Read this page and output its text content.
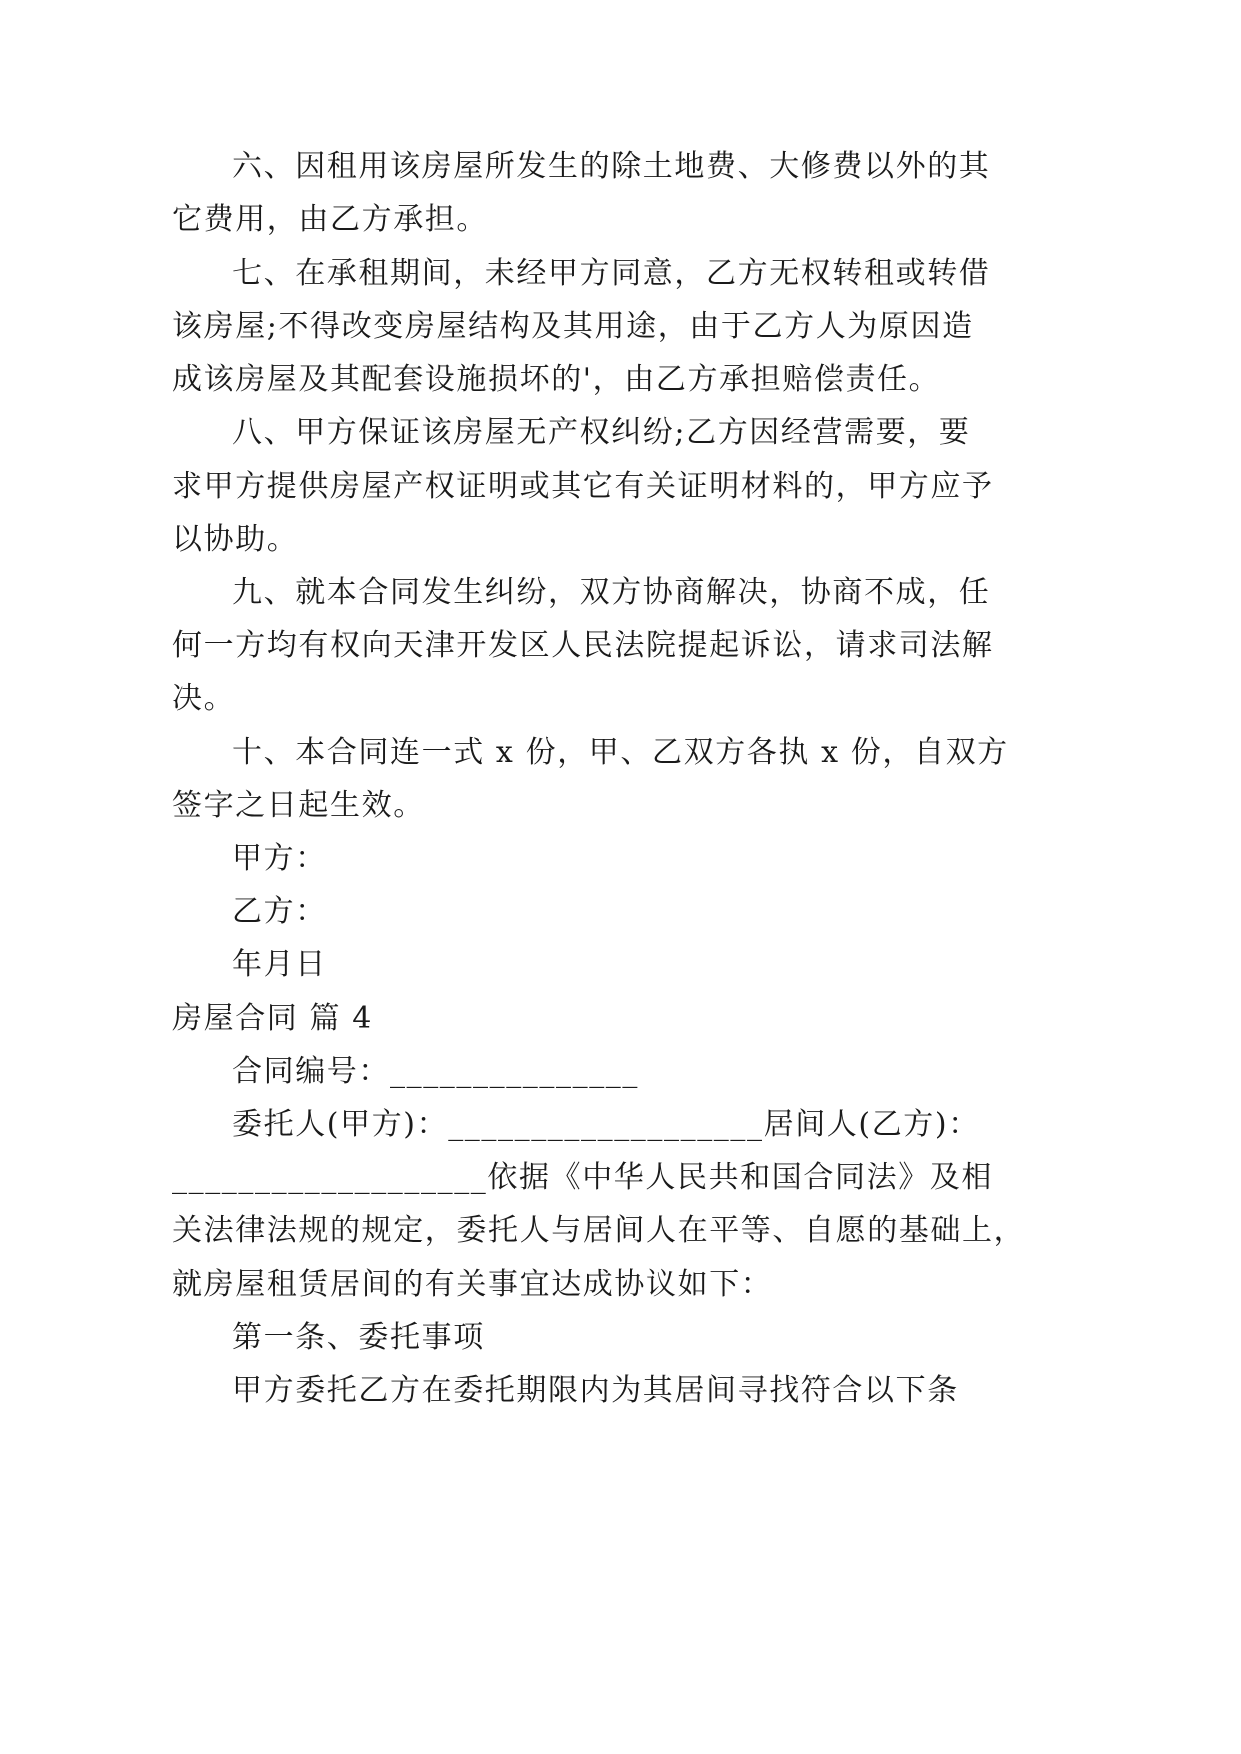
六、因租用该房屋所发生的除土地费、大修费以外的其
它费用，由乙方承担。
七、在承租期间，未经甲方同意，乙方无权转租或转借
该房屋;不得改变房屋结构及其用途，由于乙方人为原因造
成该房屋及其配套设施损坏的'，由乙方承担赔偿责任。
八、甲方保证该房屋无产权纠纷;乙方因经营需要，要
求甲方提供房屋产权证明或其它有关证明材料的，甲方应予
以协助。
九、就本合同发生纠纷，双方协商解决，协商不成，任
何一方均有权向天津开发区人民法院提起诉讼，请求司法解
决。
十、本合同连一式 x 份，甲、乙双方各执 x 份，自双方
签字之日起生效。
甲方：
乙方：
年月日
房屋合同 篇 4
合同编号：_______________
委托人(甲方)：___________________居间人(乙方)：
___________________依据《中华人民共和国合同法》及相
关法律法规的规定，委托人与居间人在平等、自愿的基础上，
就房屋租赁居间的有关事宜达成协议如下：
第一条、委托事项
甲方委托乙方在委托期限内为其居间寻找符合以下条
